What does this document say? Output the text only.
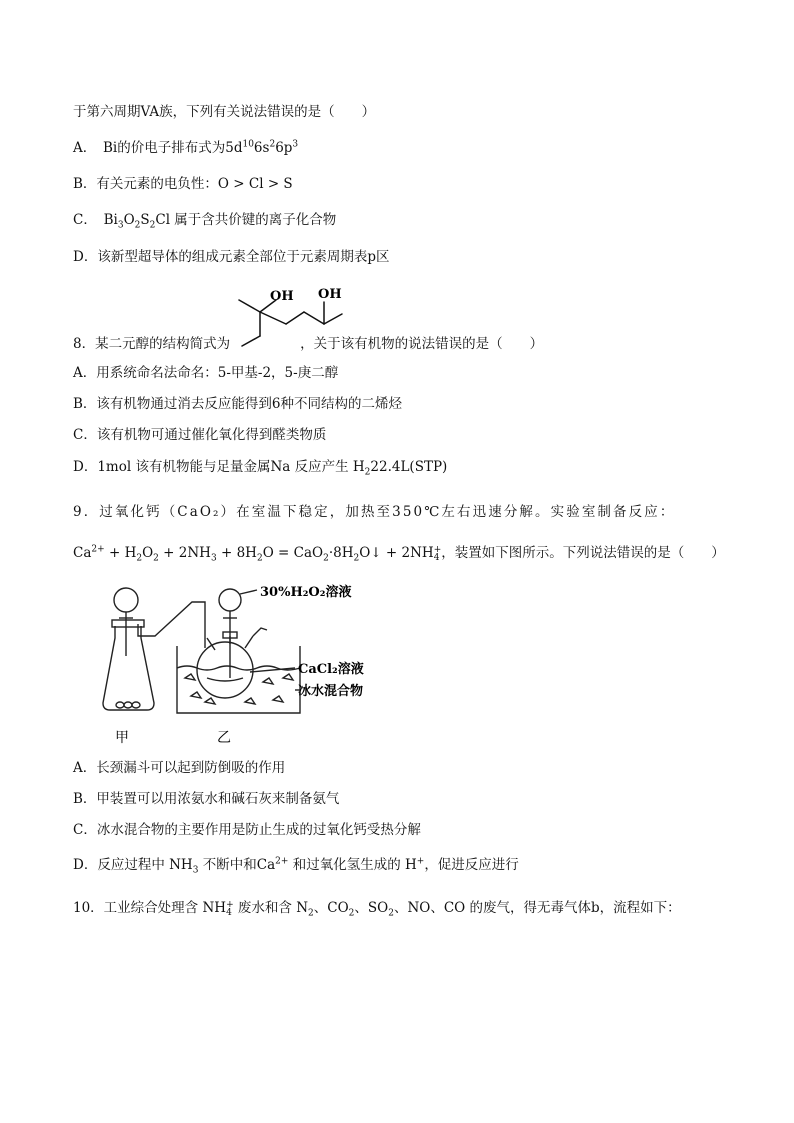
于第六周期VA族，下列有关说法错误的是（　　）
A．　Bi的价电子排布式为$5d^{10}6s^26p^3$
B．有关元素的电负性：O > Cl > S
C．　$Bi_3O_2S_2Cl$ 属于含共价键的离子化合物
D．该新型超导体的组成元素全部位于元素周期表p区
8．某二元醇的结构简式为	，关于该有机物的说法错误的是（　　）
OH OH
A．用系统命名法命名：5-甲基-2，5-庚二醇
B．该有机物通过消去反应能得到6种不同结构的二烯烃
C．该有机物可通过催化氧化得到醛类物质
D．1mol 该有机物能与足量金属Na 反应产生 $H_222.4L(STP)$
9．过氧化钙（CaO₂）在室温下稳定，加热至350℃左右迅速分解。实验室制备反应：
$Ca^{2+} + H_2O_2 + 2NH_3 + 8H_2O$ = $CaO_2\cdot 8H_2O↓ + 2NH$ +
4 ，装置如下图所示。下列说法错误的是（　　）
30%H₂O₂溶液
CaCl₂溶液
冰水混合物
甲	乙
A．长颈漏斗可以起到防倒吸的作用
B．甲装置可以用浓氨水和碱石灰来制备氨气
C．冰水混合物的主要作用是防止生成的过氧化钙受热分解
D．反应过程中 $NH_3$ 不断中和$Ca^{2+}$ 和过氧化氢生成的 H+，促进反应进行
10．工业综合处理含 NH +
4 废水和含 $N_2$、$CO_2$、$SO_2$、NO、CO 的废气，得无毒气体b，流程如下：
